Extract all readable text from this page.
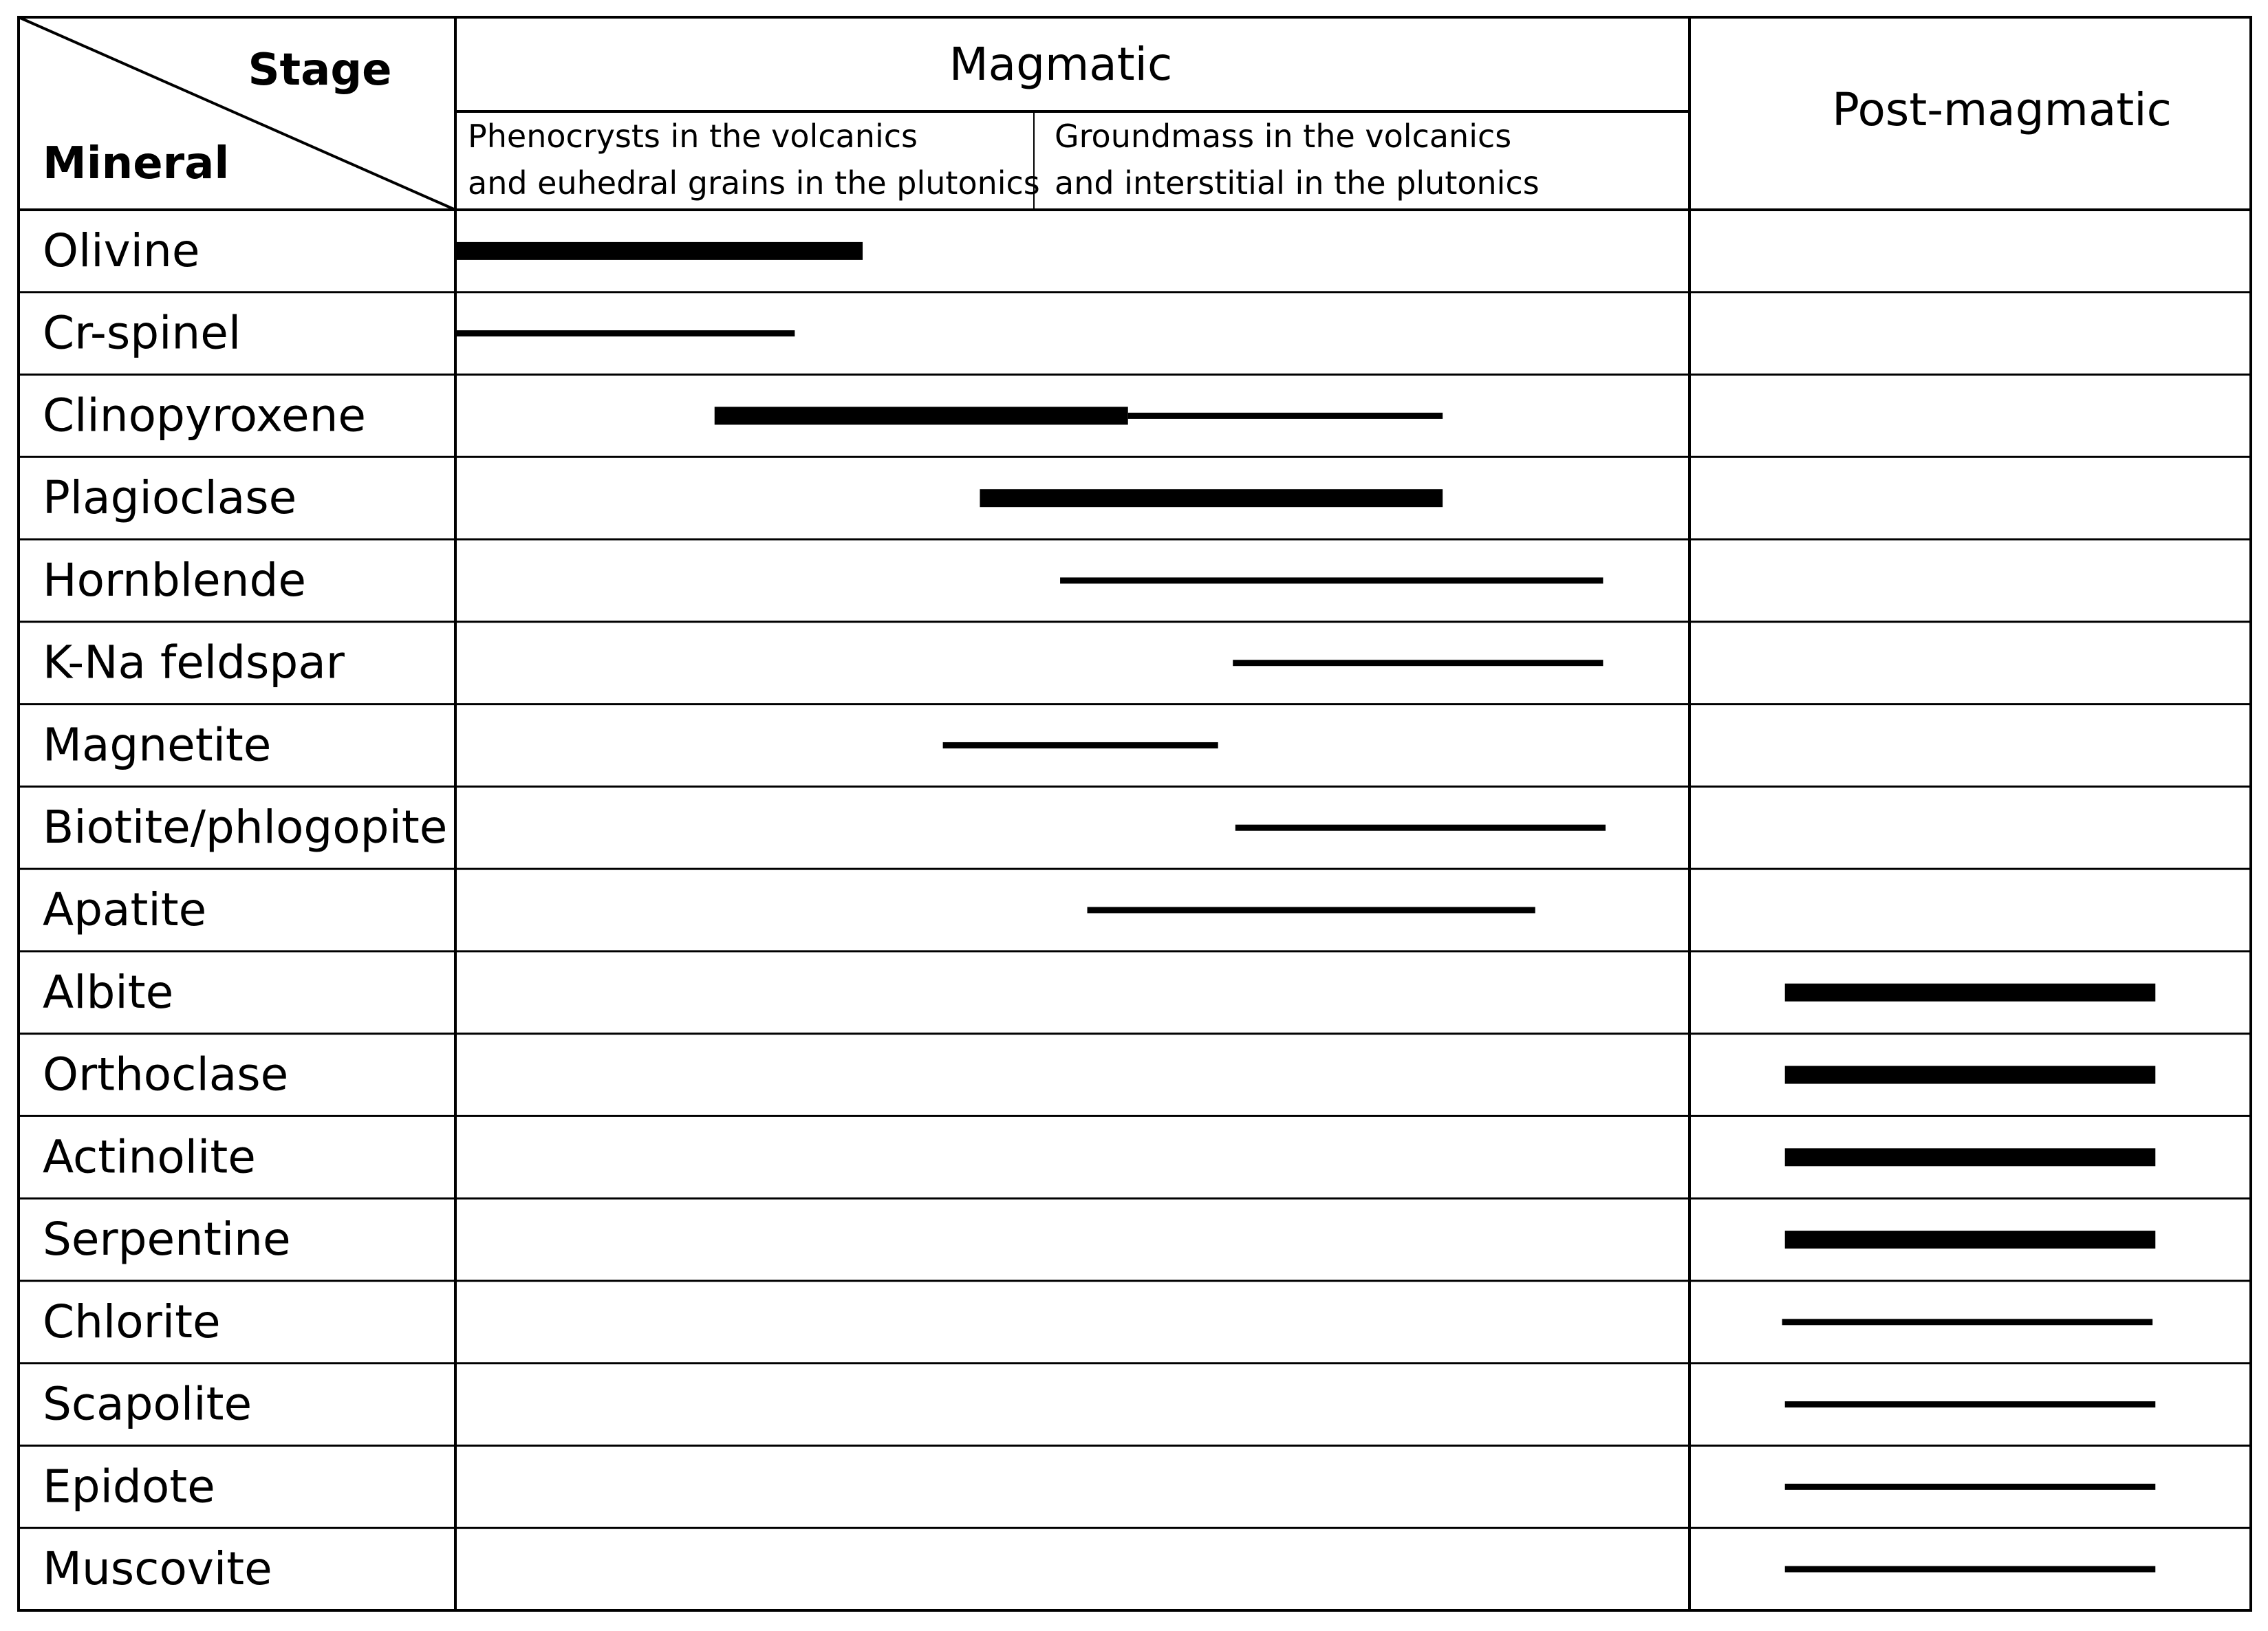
Stage
Mineral
Magmatic
Post-magmatic
Phenocrysts in the volcanics
and euhedral grains in the plutonics
Groundmass in the volcanics
and interstitial in the plutonics
Olivine
Cr-spinel
Clinopyroxene
Plagioclase
Hornblende
K-Na feldspar
Magnetite
Biotite/phlogopite
Apatite
Albite
Orthoclase
Actinolite
Serpentine
Chlorite
Scapolite
Epidote
Muscovite
